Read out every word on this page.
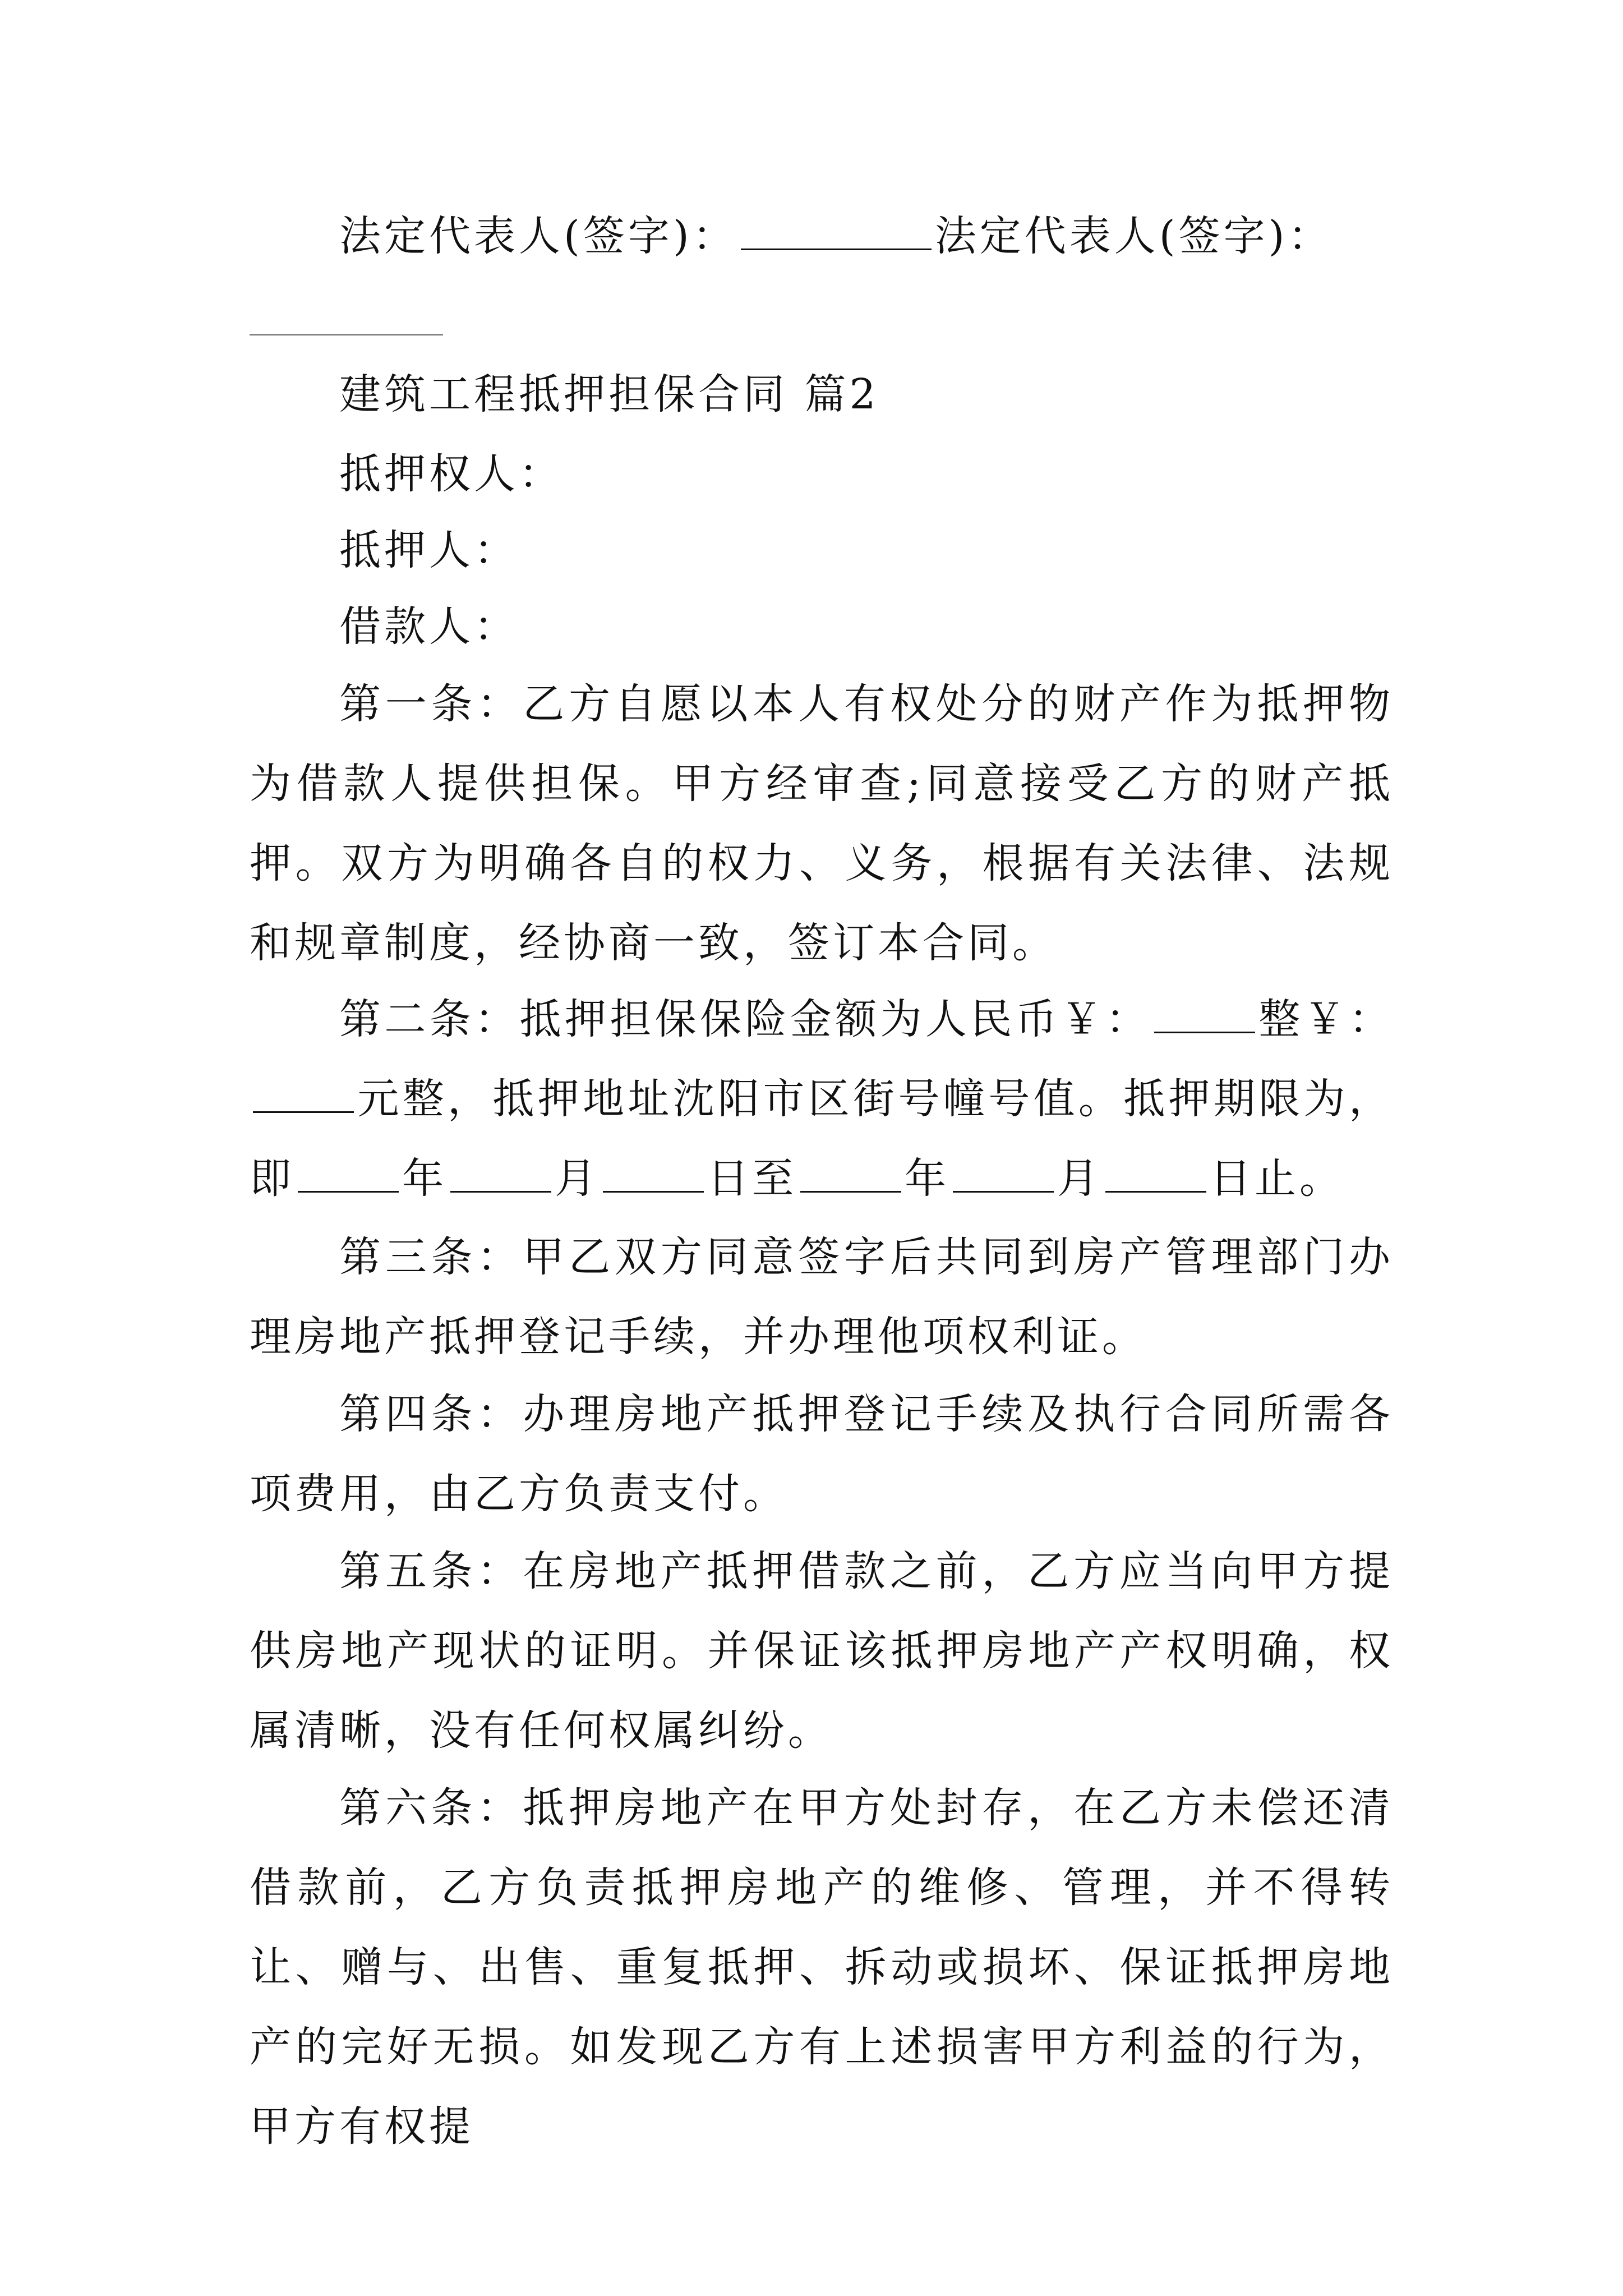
法定代表人(签字)：	法定代表人(签字)：
建筑工程抵押担保合同 篇2
抵押权人：
抵押人：
借款人：

第一条：乙方自愿以本人有权处分的财产作为抵押物为借款人提供担保。甲方经审查;同意接受乙方的财产抵押。双方为明确各自的权力、义务，根据有关法律、法规和规章制度，经协商一致，签订本合同。

第二条：抵押担保保险金额为人民币￥：	整￥：元整，抵押地址沈阳市区街号幢号值。抵押期限为，即	年	月	日至	年	月	日止。

第三条：甲乙双方同意签字后共同到房产管理部门办理房地产抵押登记手续，并办理他项权利证。

第四条：办理房地产抵押登记手续及执行合同所需各项费用，由乙方负责支付。

第五条：在房地产抵押借款之前，乙方应当向甲方提供房地产现状的证明。并保证该抵押房地产产权明确，权属清晰，没有任何权属纠纷。

第六条：抵押房地产在甲方处封存，在乙方未偿还清借款前，乙方负责抵押房地产的维修、管理，并不得转让、赠与、出售、重复抵押、拆动或损坏、保证抵押房地产的完好无损。如发现乙方有上述损害甲方利益的行为，甲方有权提
